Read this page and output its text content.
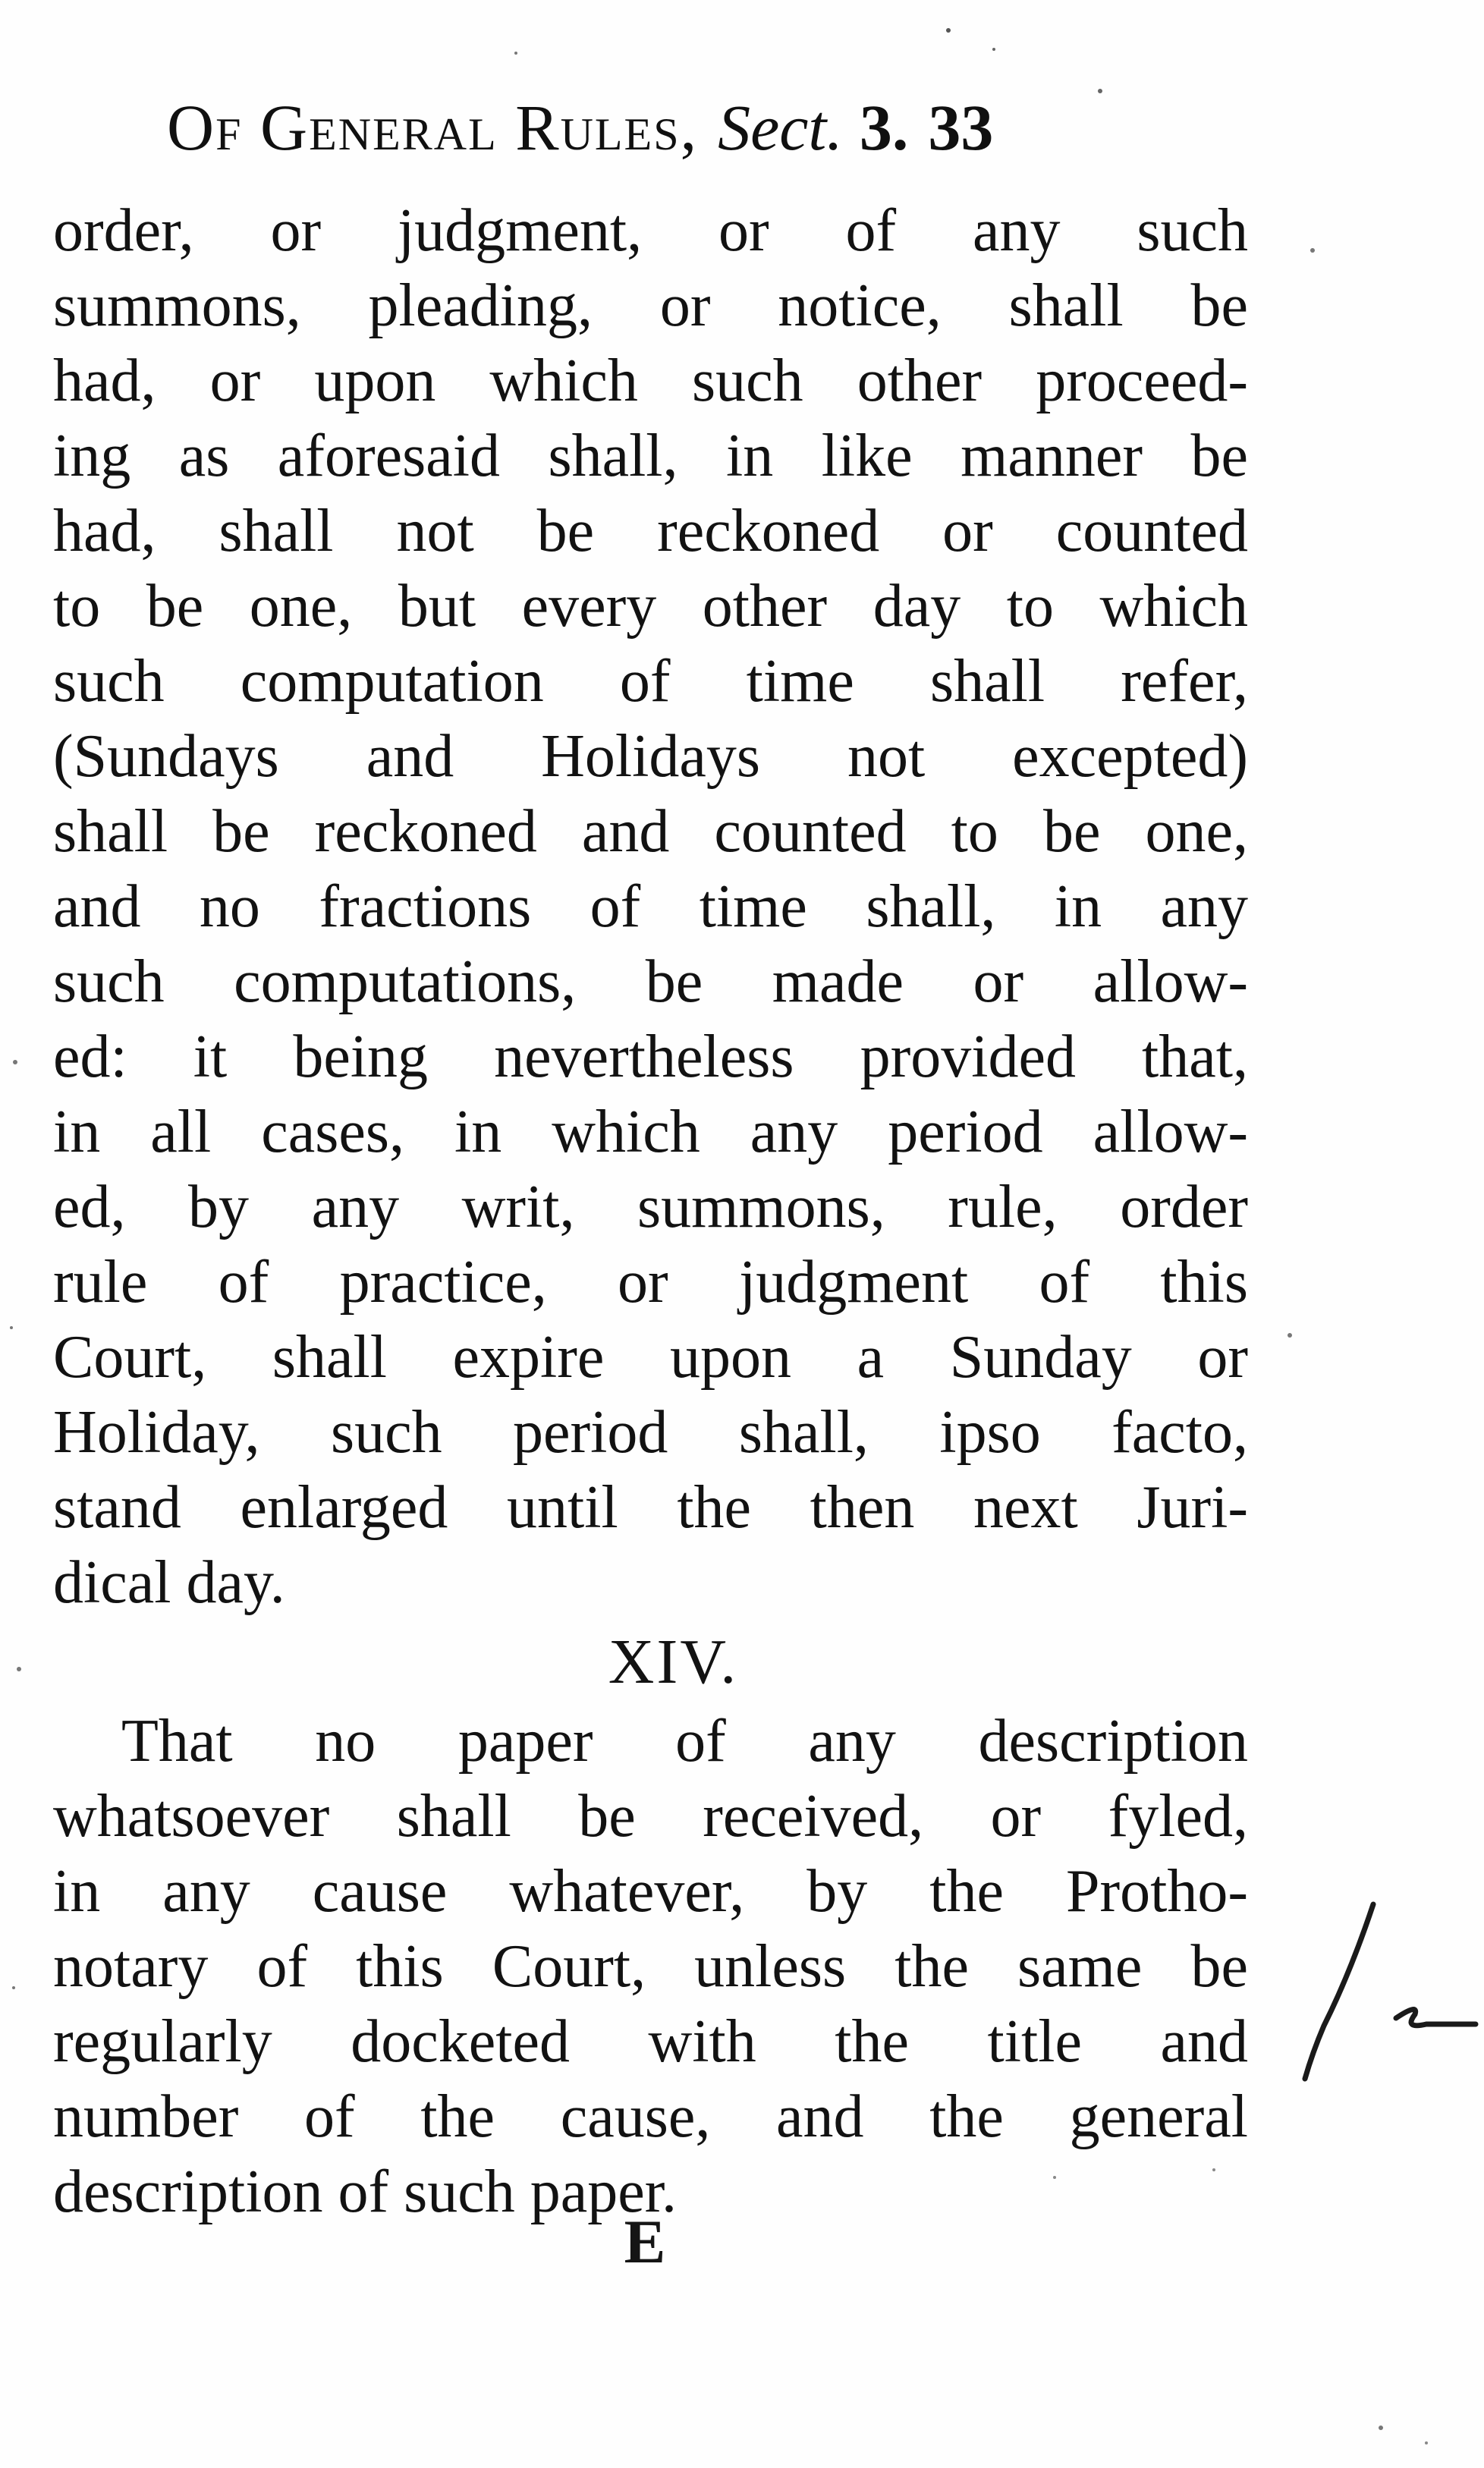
Of General Rules, Sect. 3. 33
order, or judgment, or of any such
summons, pleading, or notice, shall be
had, or upon which such other proceed-
ing as aforesaid shall, in like manner be
had, shall not be reckoned or counted
to be one, but every other day to which
such computation of time shall refer,
(Sundays and Holidays not excepted)
shall be reckoned and counted to be one,
and no fractions of time shall, in any
such computations, be made or allow-
ed: it being nevertheless provided that,
in all cases, in which any period allow-
ed, by any writ, summons, rule, order
rule of practice, or judgment of this
Court, shall expire upon a Sunday or
Holiday, such period shall, ipso facto,
stand enlarged until the then next Juri-
dical day.
XIV.
That no paper of any description
whatsoever shall be received, or fyled,
in any cause whatever, by the Protho-
notary of this Court, unless the same be
regularly docketed with the title and
number of the cause, and the general
description of such paper.
E
